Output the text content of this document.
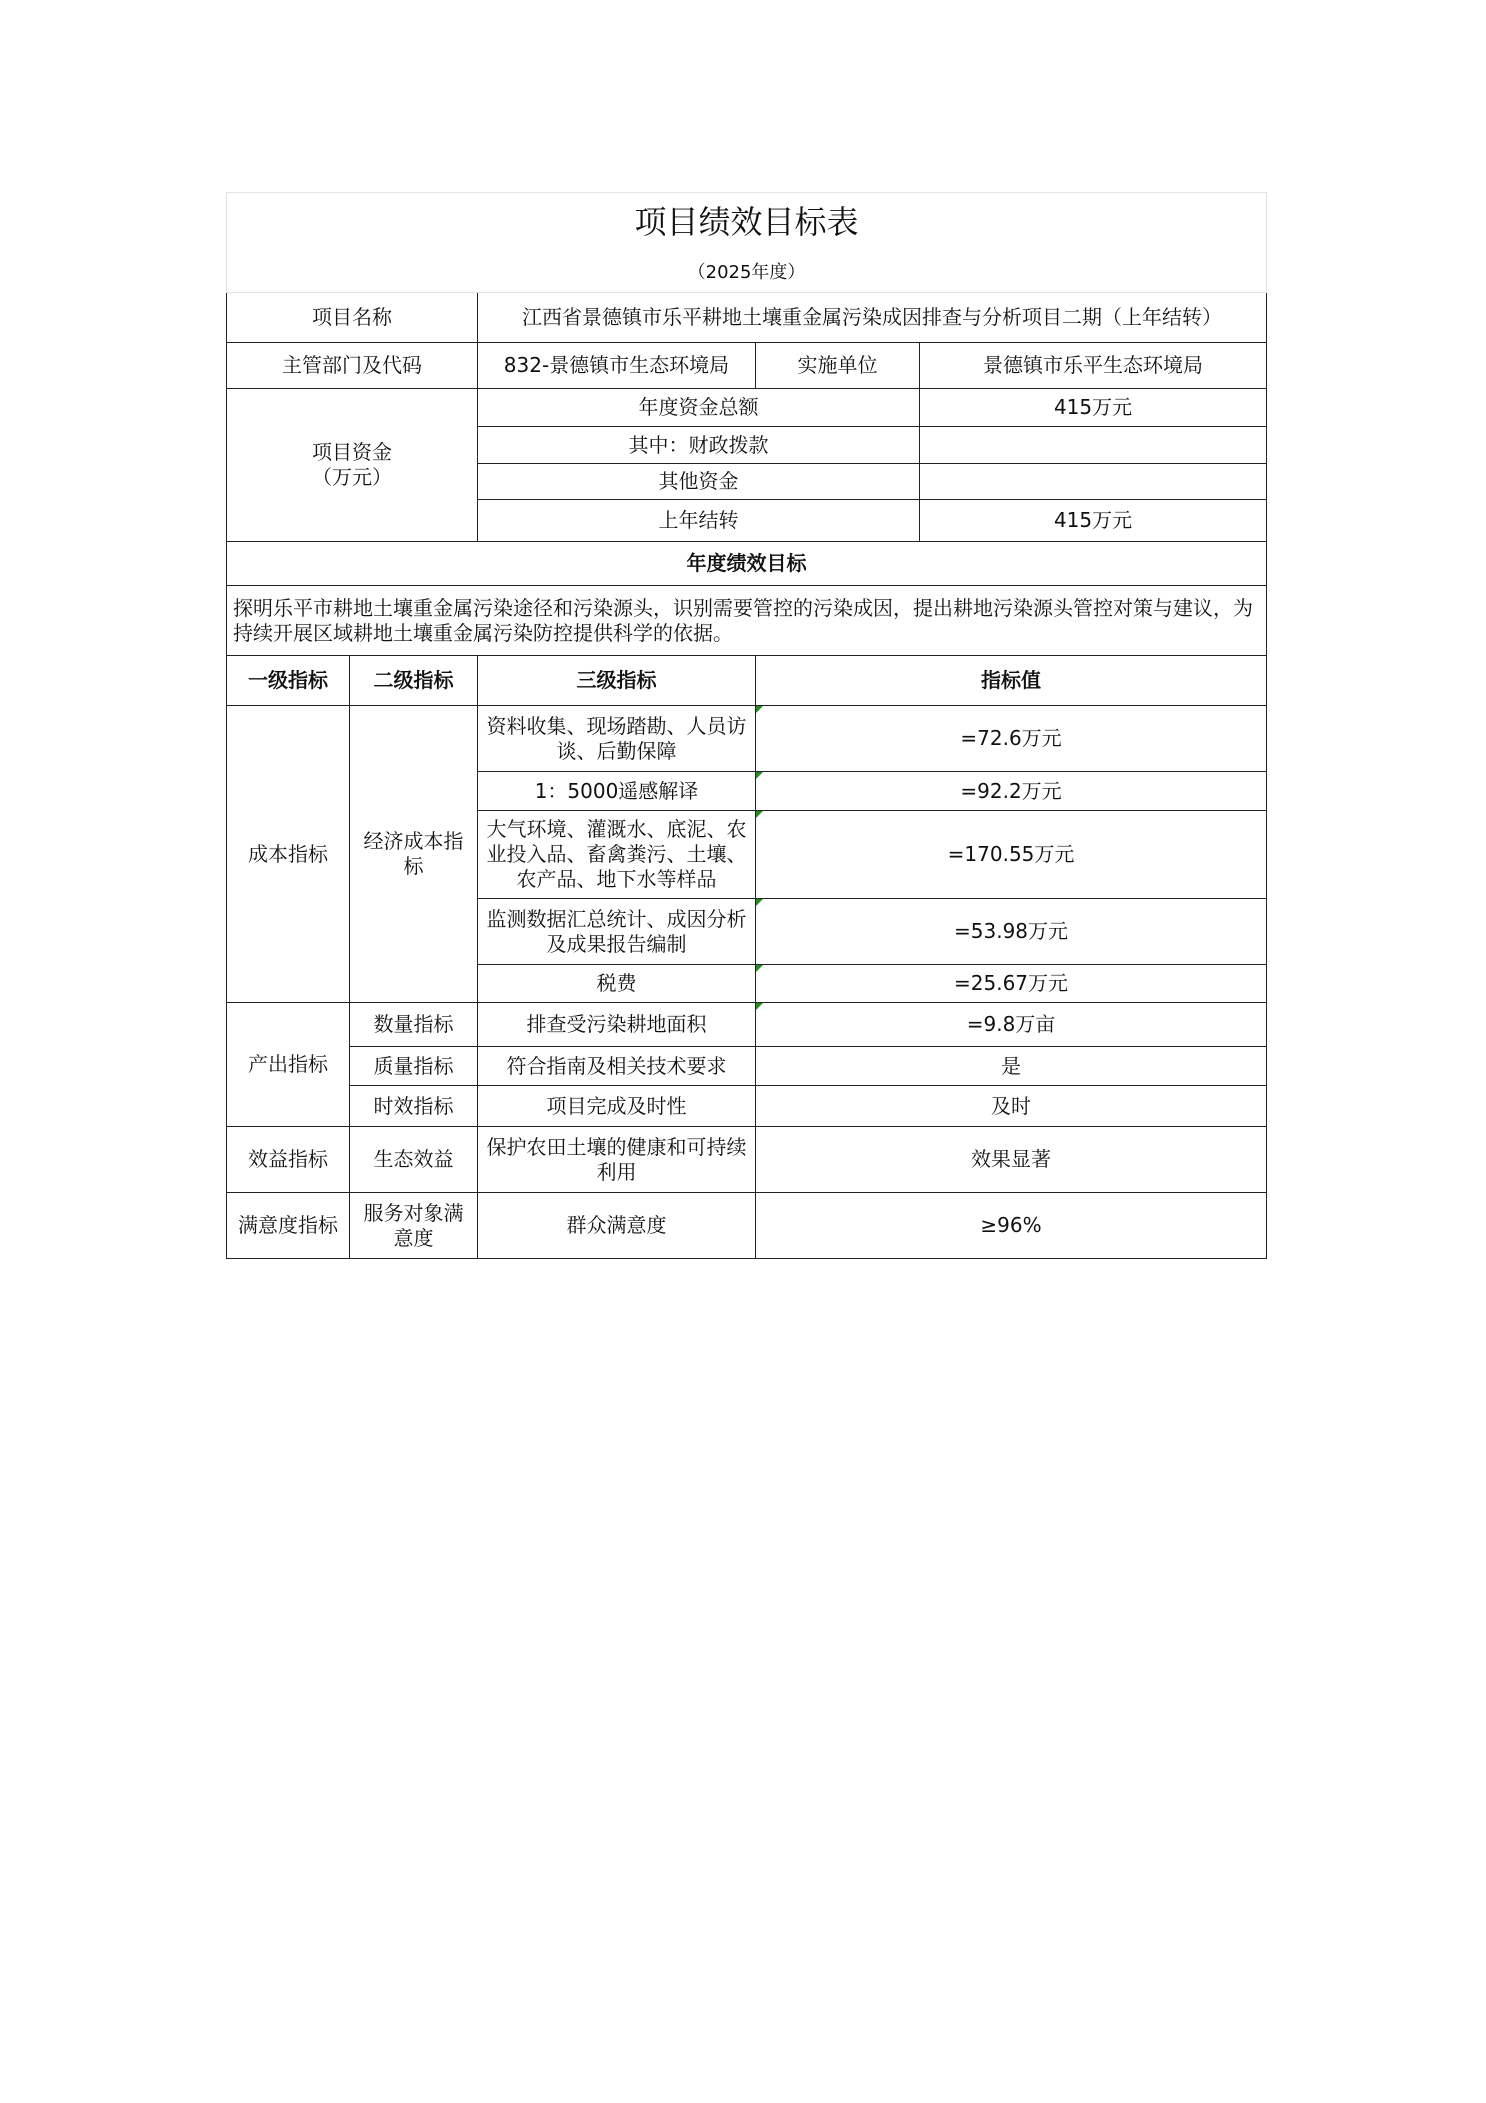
项目绩效目标表				
（2025年度）				
项目名称		江西省景德镇市乐平耕地土壤重金属污染成因排查与分析项目二期（上年结转）		
主管部门及代码		832-景德镇市生态环境局	实施单位	景德镇市乐平生态环境局
项目资金
（万元）		年度资金总额		415万元
		其中：财政拨款		
		其他资金		
		上年结转		415万元
年度绩效目标				
探明乐平市耕地土壤重金属污染途径和污染源头，识别需要管控的污染成因，提出耕地污染源头管控对策与建议，为持续开展区域耕地土壤重金属污染防控提供科学的依据。				
一级指标	二级指标	三级指标	指标值	
成本指标	经济成本指标	资料收集、现场踏勘、人员访谈、后勤保障	=72.6万元	
		1：5000遥感解译	=92.2万元	
		大气环境、灌溉水、底泥、农业投入品、畜禽粪污、土壤、农产品、地下水等样品	=170.55万元	
		监测数据汇总统计、成因分析及成果报告编制	=53.98万元	
		税费	=25.67万元	
产出指标	数量指标	排查受污染耕地面积	=9.8万亩	
	质量指标	符合指南及相关技术要求	是	
	时效指标	项目完成及时性	及时	
效益指标	生态效益	保护农田土壤的健康和可持续利用	效果显著	
满意度指标	服务对象满意度	群众满意度	≥96%	
